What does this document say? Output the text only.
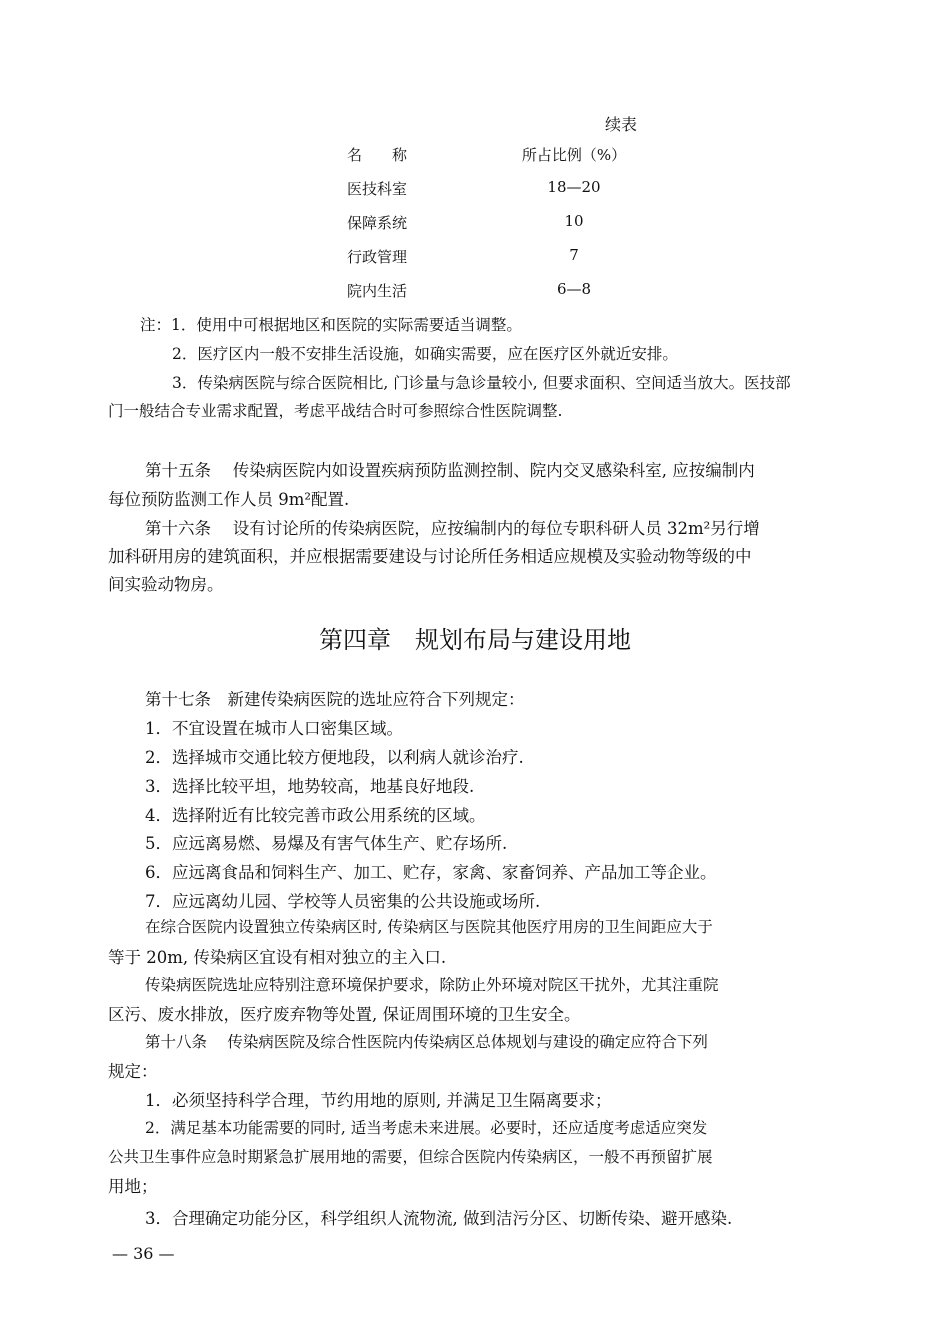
续表
名　　称	所占比例（%）
医技科室	18—20
保障系统	10
行政管理	7
院内生活	6—8
注：1．使用中可根据地区和医院的实际需要适当调整。
2．医疗区内一般不安排生活设施，如确实需要，应在医疗区外就近安排。
3．传染病医院与综合医院相比, 门诊量与急诊量较小, 但要求面积、空间适当放大。医技部
门一般结合专业需求配置，考虑平战结合时可参照综合性医院调整.
第十五条　 传染病医院内如设置疾病预防监测控制、院内交叉感染科室, 应按编制内
每位预防监测工作人员 9m²配置.
第十六条　 设有讨论所的传染病医院，应按编制内的每位专职科研人员 32m²另行增
加科研用房的建筑面积，并应根据需要建设与讨论所任务相适应规模及实验动物等级的中
间实验动物房。
第四章　规划布局与建设用地
第十七条　新建传染病医院的选址应符合下列规定：
1．不宜设置在城市人口密集区域。
2．选择城市交通比较方便地段，以利病人就诊治疗.
3．选择比较平坦，地势较高，地基良好地段.
4．选择附近有比较完善市政公用系统的区域。
5．应远离易燃、易爆及有害气体生产、贮存场所.
6．应远离食品和饲料生产、加工、贮存，家禽、家畜饲养、产品加工等企业。
7．应远离幼儿园、学校等人员密集的公共设施或场所.
在综合医院内设置独立传染病区时, 传染病区与医院其他医疗用房的卫生间距应大于
等于 20m, 传染病区宜设有相对独立的主入口.
传染病医院选址应特别注意环境保护要求，除防止外环境对院区干扰外，尤其注重院
区污、废水排放，医疗废弃物等处置, 保证周围环境的卫生安全。
第十八条　 传染病医院及综合性医院内传染病区总体规划与建设的确定应符合下列
规定：
1．必须坚持科学合理，节约用地的原则, 并满足卫生隔离要求；
2．满足基本功能需要的同时, 适当考虑未来进展。必要时，还应适度考虑适应突发
公共卫生事件应急时期紧急扩展用地的需要，但综合医院内传染病区，一般不再预留扩展
用地；
3．合理确定功能分区，科学组织人流物流, 做到洁污分区、切断传染、避开感染.
— 36 —
